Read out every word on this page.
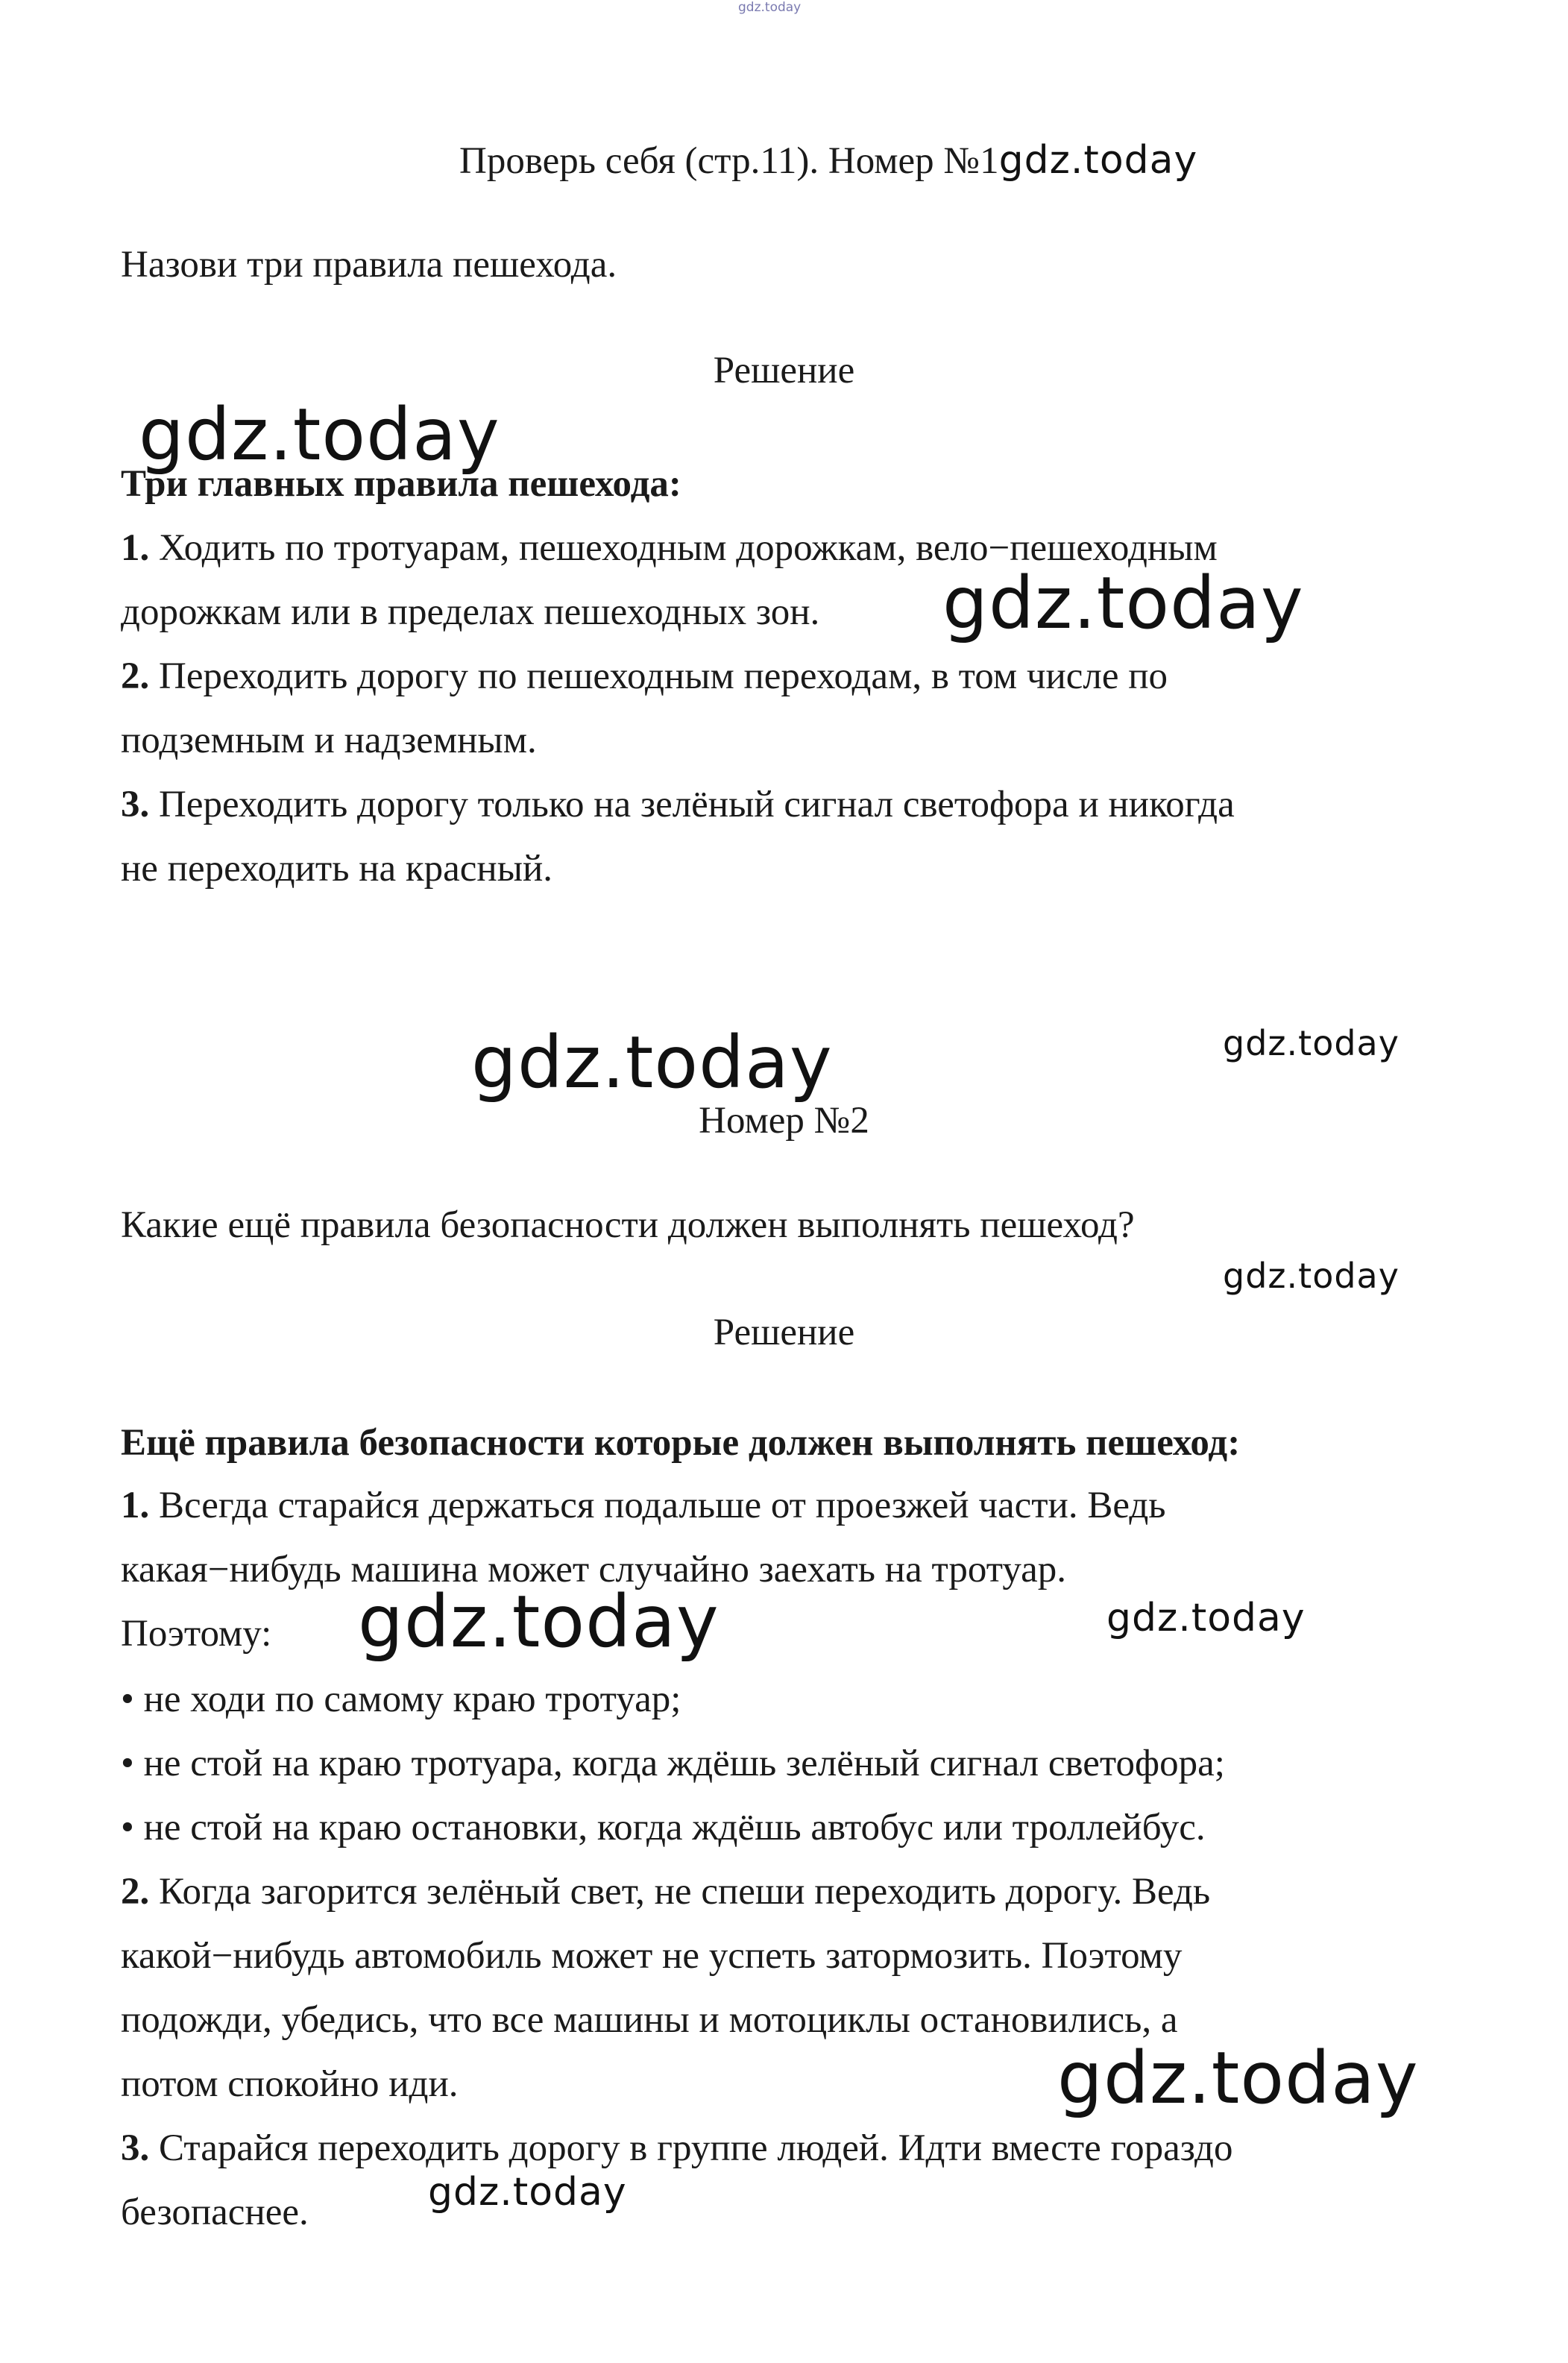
gdz.today
Проверь себя (стр.11). Номер №1gdz.today
Назови три правила пешехода.
Решение
gdz.today
Три главных правила пешехода:
1. Ходить по тротуарам, пешеходным дорожкам, вело−пешеходным
дорожкам или в пределах пешеходных зон. gdz.today
2. Переходить дорогу по пешеходным переходам, в том числе по
подземным и надземным.
3. Переходить дорогу только на зелёный сигнал светофора и никогда
не переходить на красный.
gdz.today	gdz.today
Номер №2
Какие ещё правила безопасности должен выполнять пешеход?
gdz.today
Решение
Ещё правила безопасности которые должен выполнять пешеход:
1. Всегда старайся держаться подальше от проезжей части. Ведь
какая−нибудь машина может случайно заехать на тротуар.
Поэтому: gdz.today	gdz.today
• не ходи по самому краю тротуар;
• не стой на краю тротуара, когда ждёшь зелёный сигнал светофора;
• не стой на краю остановки, когда ждёшь автобус или троллейбус.
2. Когда загорится зелёный свет, не спеши переходить дорогу. Ведь
какой−нибудь автомобиль может не успеть затормозить. Поэтому
подожди, убедись, что все машины и мотоциклы остановились, а
потом спокойно иди.	gdz.today
3. Старайся переходить дорогу в группе людей. Идти вместе гораздо
безопаснее.	gdz.today
